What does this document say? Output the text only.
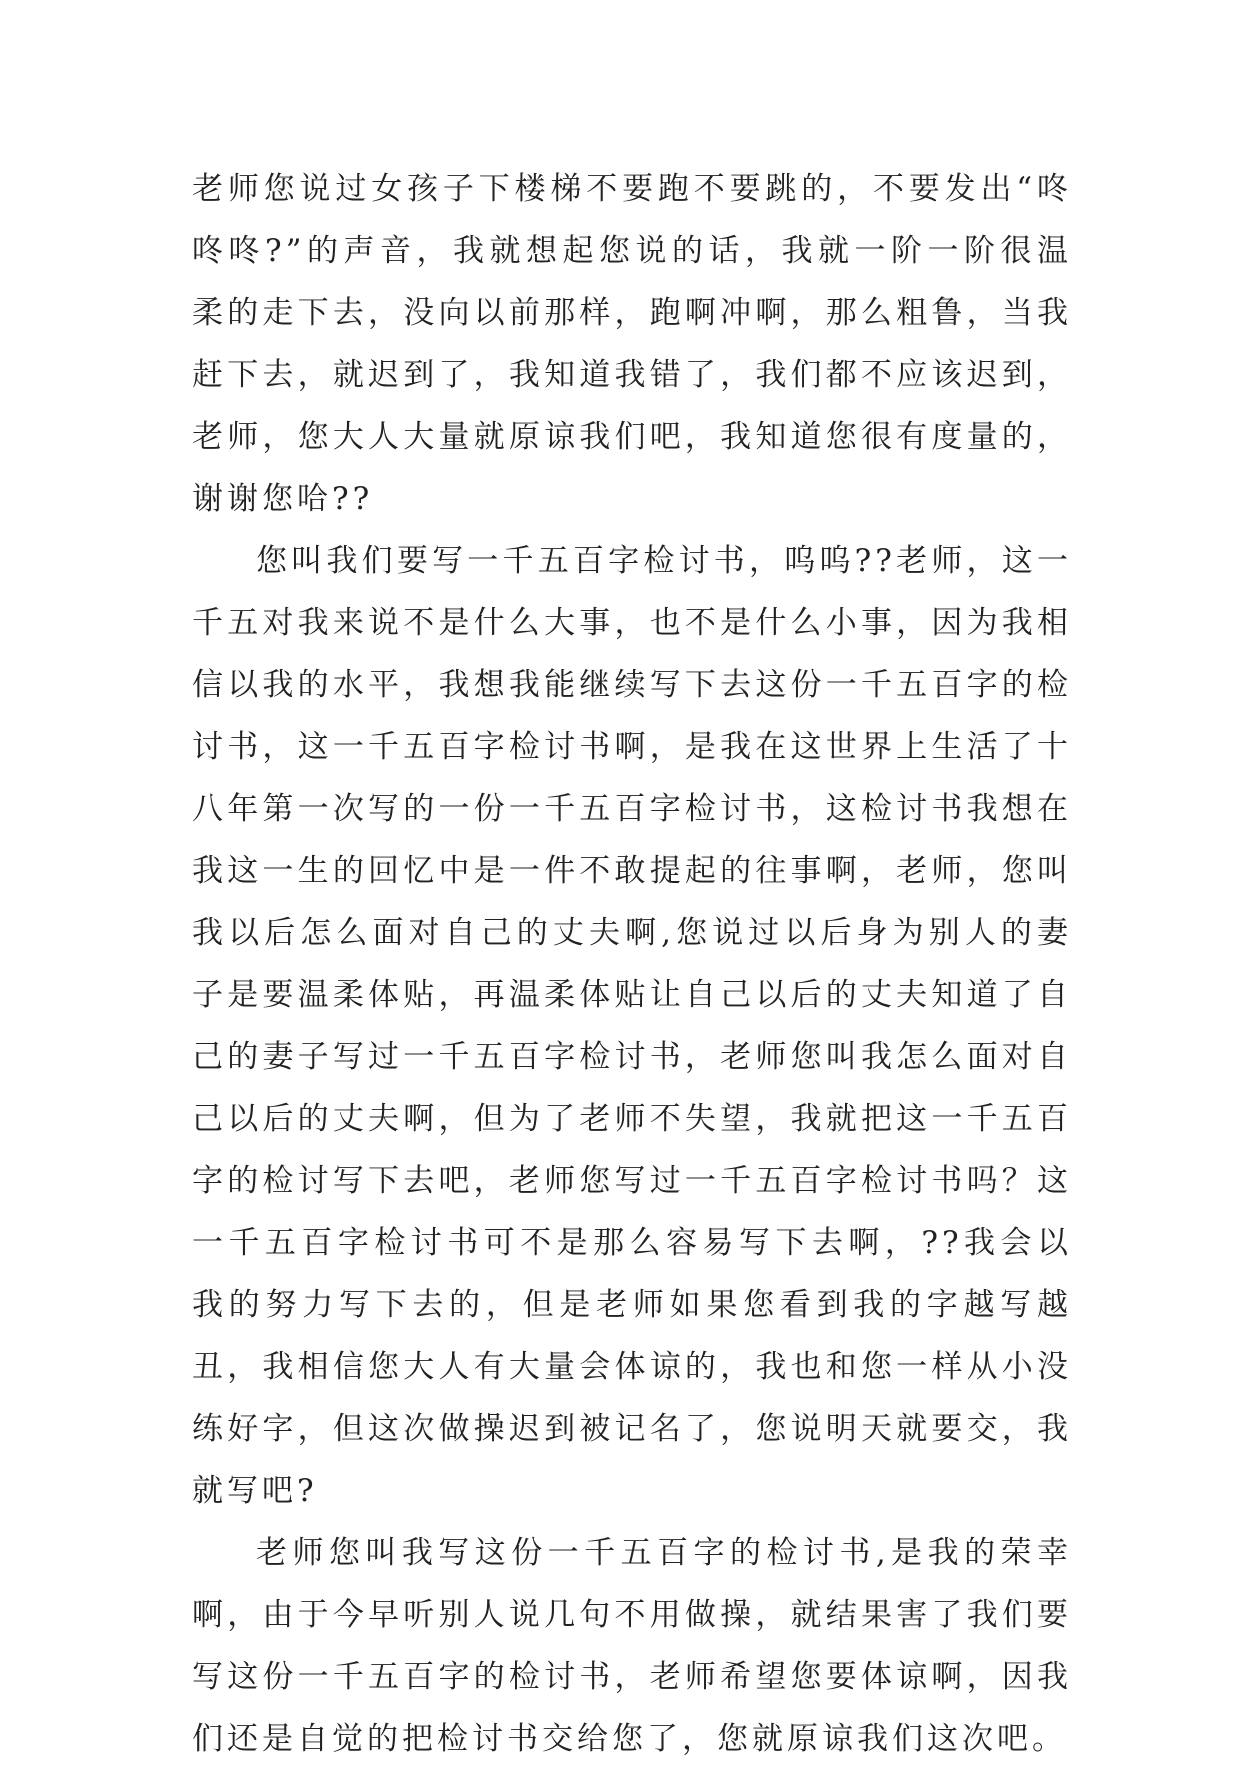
老师您说过女孩子下楼梯不要跑不要跳的，不要发出“咚咚咚?”的声音，我就想起您说的话，我就一阶一阶很温柔的走下去，没向以前那样，跑啊冲啊，那么粗鲁，当我赶下去，就迟到了，我知道我错了，我们都不应该迟到，老师，您大人大量就原谅我们吧，我知道您很有度量的，谢谢您哈??

您叫我们要写一千五百字检讨书，呜呜??老师，这一千五对我来说不是什么大事，也不是什么小事，因为我相信以我的水平，我想我能继续写下去这份一千五百字的检讨书，这一千五百字检讨书啊，是我在这世界上生活了十八年第一次写的一份一千五百字检讨书，这检讨书我想在我这一生的回忆中是一件不敢提起的往事啊，老师，您叫我以后怎么面对自己的丈夫啊,您说过以后身为别人的妻子是要温柔体贴，再温柔体贴让自己以后的丈夫知道了自己的妻子写过一千五百字检讨书，老师您叫我怎么面对自己以后的丈夫啊，但为了老师不失望，我就把这一千五百字的检讨写下去吧，老师您写过一千五百字检讨书吗？这一千五百字检讨书可不是那么容易写下去啊，??我会以我的努力写下去的，但是老师如果您看到我的字越写越丑，我相信您大人有大量会体谅的，我也和您一样从小没练好字，但这次做操迟到被记名了，您说明天就要交，我就写吧?

老师您叫我写这份一千五百字的检讨书,是我的荣幸啊，由于今早听别人说几句不用做操，就结果害了我们要写这份一千五百字的检讨书，老师希望您要体谅啊，因我们还是自觉的把检讨书交给您了，您就原谅我们这次吧。
